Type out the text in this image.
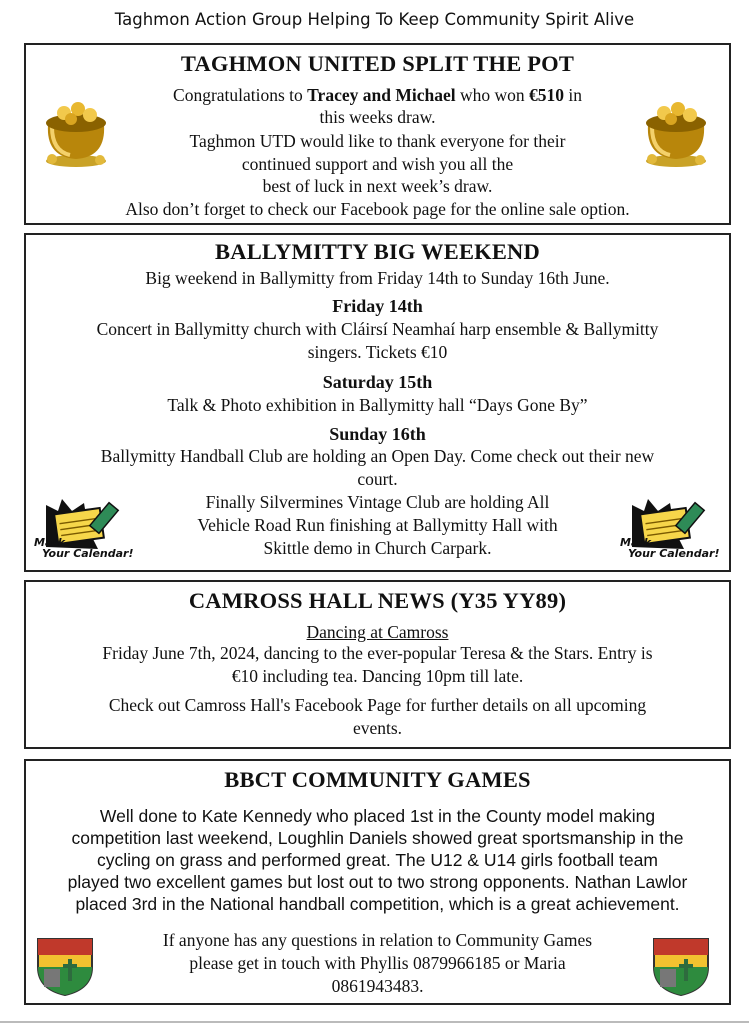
Taghmon Action Group Helping To Keep Community Spirit Alive
TAGHMON UNITED SPLIT THE POT
Congratulations to Tracey and Michael who won €510 in
this weeks draw.
Taghmon UTD would like to thank everyone for their
continued support and wish you all the
best of luck in next week’s draw.
Also don’t forget to check our Facebook page for the online sale option.
BALLYMITTY BIG WEEKEND
Big weekend in Ballymitty from Friday 14th to Sunday 16th June.
Friday 14th
Concert in Ballymitty church with Cláirsí Neamhaí harp ensemble & Ballymitty
singers. Tickets €10
Saturday 15th
Talk & Photo exhibition in Ballymitty hall “Days Gone By”
Sunday 16th
Ballymitty Handball Club are holding an Open Day. Come check out their new
court.
Finally Silvermines Vintage Club are holding All
Vehicle Road Run finishing at Ballymitty Hall with
Skittle demo in Church Carpark.
Mark
Your Calendar!
Mark
Your Calendar!
CAMROSS HALL NEWS (Y35 YY89)
Dancing at Camross
Friday June 7th, 2024, dancing to the ever-popular Teresa & the Stars. Entry is
€10 including tea. Dancing 10pm till late.
Check out Camross Hall's Facebook Page for further details on all upcoming
events.
BBCT COMMUNITY GAMES
Well done to Kate Kennedy who placed 1st in the County model making
competition last weekend, Loughlin Daniels showed great sportsmanship in the
cycling on grass and performed great. The U12 & U14 girls football team
played two excellent games but lost out to two strong opponents. Nathan Lawlor
placed 3rd in the National handball competition, which is a great achievement.
If anyone has any questions in relation to Community Games
please get in touch with Phyllis 0879966185 or Maria
0861943483.
